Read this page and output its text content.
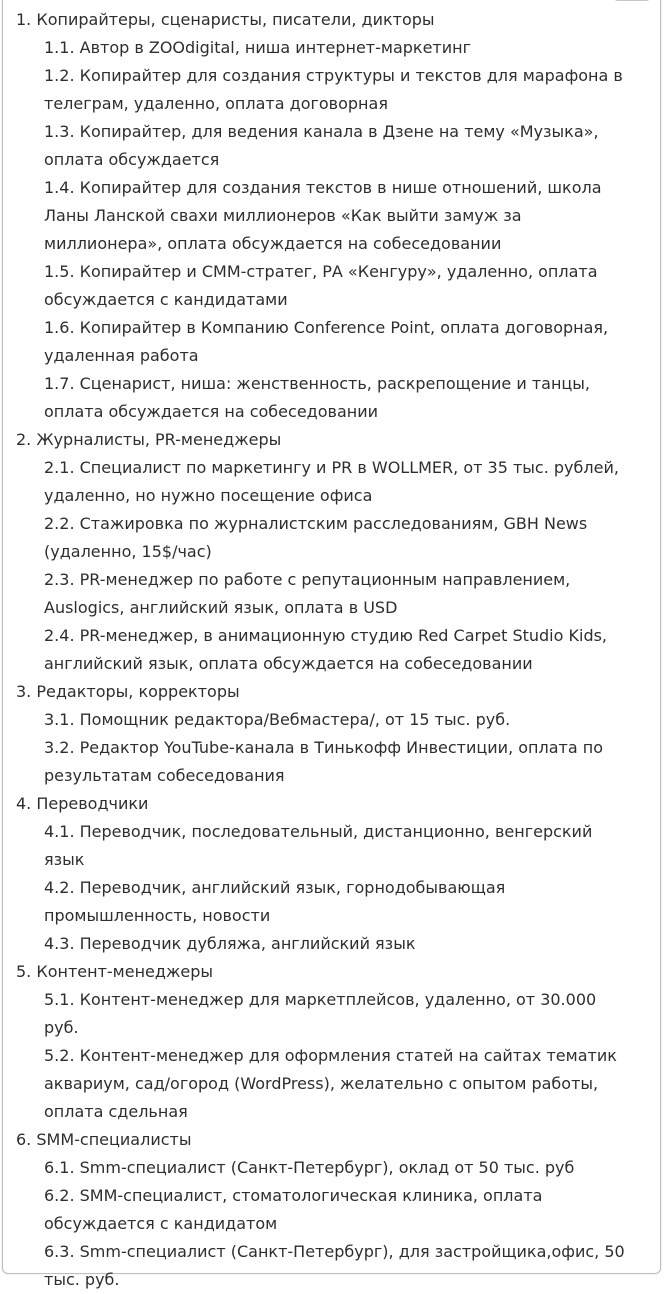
1. Копирайтеры, сценаристы, писатели, дикторы
1.1. Автор в ZOOdigital, ниша интернет-маркетинг
1.2. Копирайтер для создания структуры и текстов для марафона в телеграм, удаленно, оплата договорная
1.3. Копирайтер, для ведения канала в Дзене на тему «Музыка», оплата обсуждается
1.4. Копирайтер для создания текстов в нише отношений, школа Ланы Ланской свахи миллионеров «Как выйти замуж за миллионера», оплата обсуждается на собеседовании
1.5. Копирайтер и СММ-стратег, РА «Кенгуру», удаленно, оплата обсуждается с кандидатами
1.6. Копирайтер в Компанию Conference Point, оплата договорная, удаленная работа
1.7. Сценарист, ниша: женственность, раскрепощение и танцы, оплата обсуждается на собеседовании
2. Журналисты, PR-менеджеры
2.1. Специалист по маркетингу и PR в WOLLMER, от 35 тыс. рублей, удаленно, но нужно посещение офиса
2.2. Стажировка по журналистским расследованиям, GBH News (удаленно, 15$/час)
2.3. PR-менеджер по работе с репутационным направлением, Auslogics, английский язык, оплата в USD
2.4. PR-менеджер, в анимационную студию Red Carpet Studio Kids, английский язык, оплата обсуждается на собеседовании
3. Редакторы, корректоры
3.1. Помощник редактора/Вебмастера/, от 15 тыс. руб.
3.2. Редактор YouTube-канала в Тинькофф Инвестиции, оплата по результатам собеседования
4. Переводчики
4.1. Переводчик, последовательный, дистанционно, венгерский язык
4.2. Переводчик, английский язык, горнодобывающая промышленность, новости
4.3. Переводчик дубляжа, английский язык
5. Контент-менеджеры
5.1. Контент-менеджер для маркетплейсов, удаленно, от 30.000 руб.
5.2. Контент-менеджер для оформления статей на сайтах тематик аквариум, сад/огород (WordPress), желательно с опытом работы, оплата сдельная
6. SMM-специалисты
6.1. Smm-специалист (Санкт-Петербург), оклад от 50 тыс. руб
6.2. SMM-специалист, стоматологическая клиника, оплата обсуждается с кандидатом
6.3. Smm-специалист (Санкт-Петербург), для застройщика,офис, 50 тыс. руб.
